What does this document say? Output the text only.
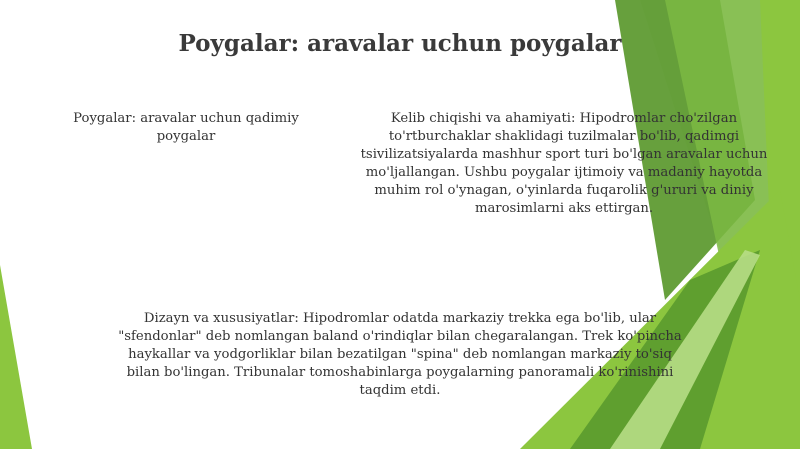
Poygalar: aravalar uchun poygalar
Poygalar: aravalar uchun qadimiy poygalar
Kelib chiqishi va ahamiyati: Hipodromlar cho'zilgan to'rtburchaklar shaklidagi tuzilmalar bo'lib, qadimgi tsivilizatsiyalarda mashhur sport turi bo'lgan aravalar uchun mo'ljallangan. Ushbu poygalar ijtimoiy va madaniy hayotda muhim rol o'ynagan, o'yinlarda fuqarolik g'ururi va diniy marosimlarni aks ettirgan.
Dizayn va xususiyatlar: Hipodromlar odatda markaziy trekka ega bo'lib, ular "sfendonlar" deb nomlangan baland o'rindiqlar bilan chegaralangan. Trek ko'pincha haykallar va yodgorliklar bilan bezatilgan "spina" deb nomlangan markaziy to'siq bilan bo'lingan. Tribunalar tomoshabinlarga poygalarning panoramali ko'rinishini taqdim etdi.
